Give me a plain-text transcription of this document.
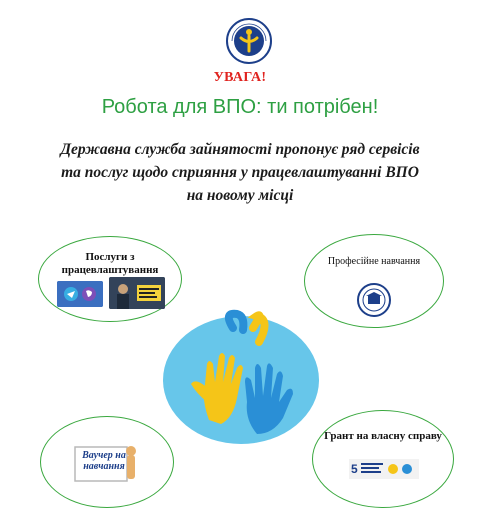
УВАГА!
Робота для ВПО: ти потрібен!
Державна служба зайнятості пропонує ряд сервісів та послуг щодо сприяння у працевлаштуванні ВПО на новому місці
Послуги з працевлаштування
Професійне навчання
Ваучер на навчання
Грант на власну справу
5
